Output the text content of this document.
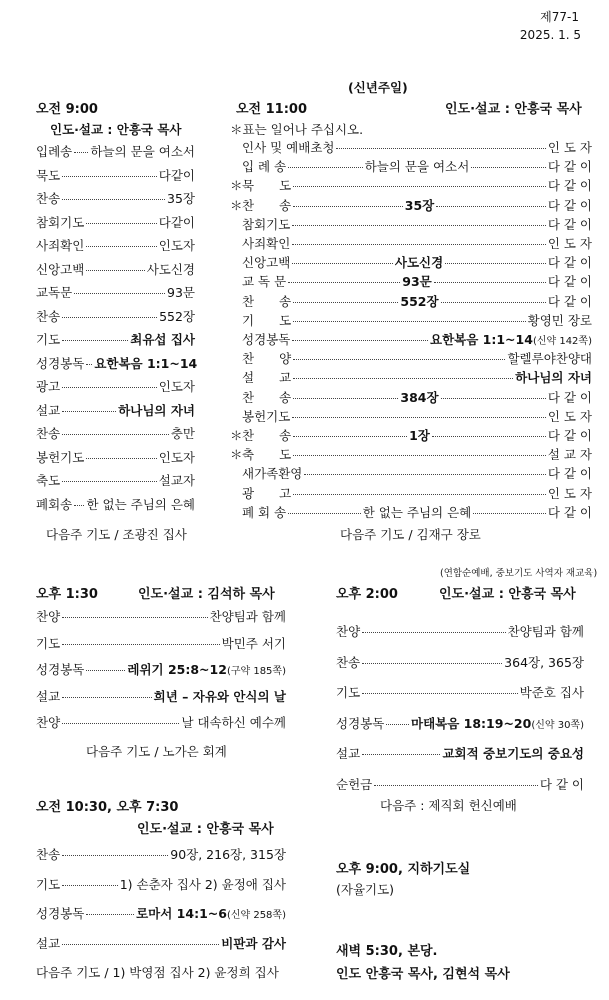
제77-1
2025. 1. 5
(신년주일)
오전 9:00
인도·설교 : 안흥국 목사
입례송 하늘의 문을 여소서
묵도	다같이
찬송	35장
참회기도	다같이
사죄확인	인도자
신앙고백	사도신경
교독문	93문
찬송	552장
기도	최유섭 집사
성경봉독 요한복음 1:1~14
광고	인도자
설교	하나님의 자녀
찬송	충만
봉헌기도	인도자
축도	설교자
폐회송 한 없는 주님의 은혜
다음주 기도 / 조광진 집사
오전 11:00	인도·설교 : 안흥국 목사
＊표는 일어나 주십시오.
인사 및 예배초청	인 도 자
입 례 송	하늘의 문을 여소서	다 같 이
＊ 묵　　도	다 같 이
＊ 찬　　송	35장	다 같 이
참회기도	다 같 이
사죄확인	인 도 자
신앙고백	사도신경	다 같 이
교 독 문	93문	다 같 이
찬　　송	552장	다 같 이
기　　도	황영민 장로
성경봉독	요한복음 1:1~14 (신약 142쪽)
찬　　양	할렐루야찬양대
설　　교	하나님의 자녀
찬　　송	384장	다 같 이
봉헌기도	인 도 자
＊ 찬　　송	1장	다 같 이
＊ 축　　도	설 교 자
새가족환영	다 같 이
광　　고	인 도 자
폐 회 송	한 없는 주님의 은혜	다 같 이
다음주 기도 / 김재구 장로
오후 1:30	인도·설교 : 김석하 목사
찬양	찬양팀과 함께
기도	박민주 서기
성경봉독	레위기 25:8~12 (구약 185쪽)
설교	희년 – 자유와 안식의 날
찬양	날 대속하신 예수께
다음주 기도 / 노가은 회계
(연합순예배, 중보기도 사역자 재교육)
오후 2:00	인도·설교 : 안흥국 목사
찬양	찬양팀과 함께
찬송	364장, 365장
기도	박준호 집사
성경봉독 마태복음 18:19~20 (신약 30쪽)
설교	교회적 중보기도의 중요성
순헌금	다 같 이
다음주 : 제직회 헌신예배
오전 10:30, 오후 7:30
인도·설교 : 안흥국 목사
찬송	90장, 216장, 315장
기도	1) 손춘자 집사 2) 윤정애 집사
성경봉독	로마서 14:1~6 (신약 258쪽)
설교	비판과 감사
다음주 기도 / 1) 박영점 집사 2) 윤정희 집사
오후 9:00, 지하기도실
(자율기도)
새벽 5:30, 본당.
인도 안흥국 목사, 김현석 목사
